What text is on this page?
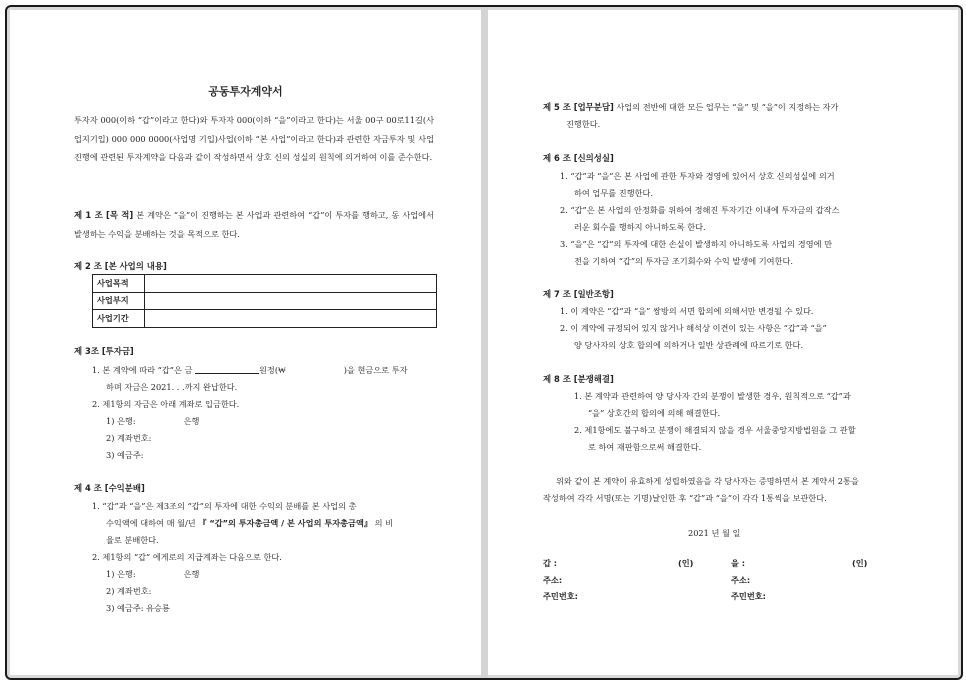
공동투자계약서
투자자 000(이하 “갑”이라고 한다)와 투자자 000(이하 “을”이라고 한다)는 서울 00구 00로11길(사업지기입) 000 000 0000(사업명 기입)사업(이하 “본 사업”이라고 한다)과 관련한 자금투자 및 사업진행에 관련된 투자계약을 다음과 같이 작성하면서 상호 신의 성실의 원칙에 의거하여 이를 준수한다.
제 1 조 [목 적] 본 계약은 “을”이 진행하는 본 사업과 관련하여 “갑”이 투자를 행하고, 동 사업에서 발생하는 수익을 분배하는 것을 목적으로 한다.
제 2 조 [본 사업의 내용]
사업목적	
사업부지	
사업기간	
제 3조 [투자금]
1. 본 계약에 따라 “갑”은 금	원정(₩	)을 현금으로 투자
하며 자금은 2021. . .까지 완납한다.
2. 제1항의 자금은 아래 계좌로 입금한다.
1) 은행:	은행
2) 계좌번호:
3) 예금주:
제 4 조 [수익분배]
1. “갑”과 “을”은 제3조의 “갑”의 투자에 대한 수익의 분배를 본 사업의 총
수익액에 대하여 매 월/년 『 “갑”의 투자총금액 / 본 사업의 투자총금액』 의 비
율로 분배한다.
2. 제1항의 “갑” 에게로의 지급계좌는 다음으로 한다.
1) 은행:	은행
2) 계좌번호:
3) 예금주: 유승룡
제 5 조 [업무분담] 사업의 전반에 대한 모든 업무는 “을” 및 “을”이 지정하는 자가
진행한다.
제 6 조 [신의성실]
1. “갑”과 “을”은 본 사업에 관한 투자와 경영에 있어서 상호 신의성실에 의거
하여 업무를 진행한다.
2. “갑”은 본 사업의 안정화를 위하여 정해진 투자기간 이내에 투자금의 갑작스
러운 회수를 행하지 아니하도록 한다.
3. “을”은 “갑”의 투자에 대한 손실이 발생하지 아니하도록 사업의 경영에 만
전을 기하여 “갑”의 투자금 조기회수와 수익 발생에 기여한다.
제 7 조 [일반조항]
1. 이 계약은 “갑”과 “을” 쌍방의 서면 합의에 의해서만 변경될 수 있다.
2. 이 계약에 규정되어 있지 않거나 해석상 이견이 있는 사항은 “갑”과 “을”
양 당사자의 상호 합의에 의하거나 일반 상관례에 따르기로 한다.
제 8 조 [분쟁해결]
1. 본 계약과 관련하여 양 당사자 간의 분쟁이 발생한 경우, 원칙적으로 “갑”과
“을” 상호간의 합의에 의해 해결한다.
2. 제1항에도 불구하고 분쟁이 해결되지 않을 경우 서울중앙지방법원을 그 관할
로 하여 재판함으로써 해결한다.
위와 같이 본 계약이 유효하게 성립하였음을 각 당사자는 증명하면서 본 계약서 2통을
작성하여 각각 서명(또는 기명)날인한 후 “갑”과 “을”이 각각 1통씩을 보관한다.
2021 년 월 일
갑 :	(인)	을 :	(인)
주소:	주소:
주민번호:	주민번호:
